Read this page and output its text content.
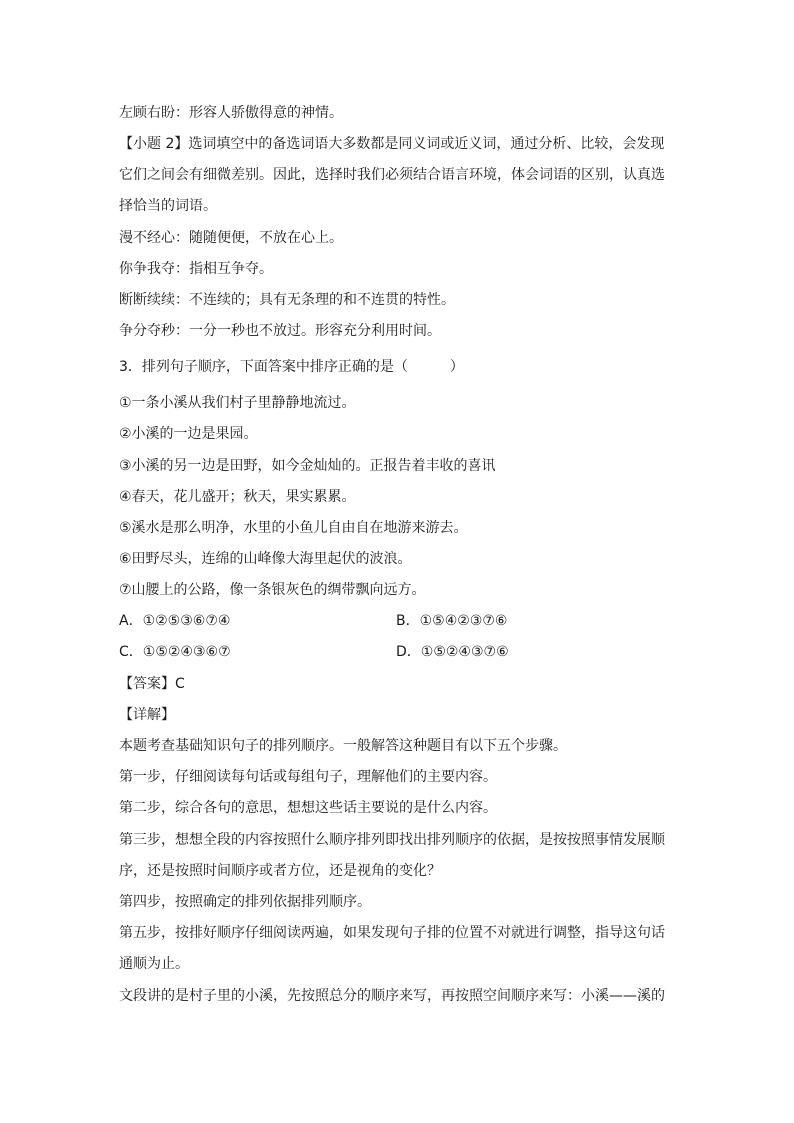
左顾右盼：形容人骄傲得意的神情。
【小题 2】选词填空中的备选词语大多数都是同义词或近义词，通过分析、比较，会发现
它们之间会有细微差别。因此，选择时我们必须结合语言环境，体会词语的区别，认真选
择恰当的词语。
漫不经心：随随便便，不放在心上。
你争我夺：指相互争夺。
断断续续：不连续的；具有无条理的和不连贯的特性。
争分夺秒：一分一秒也不放过。形容充分利用时间。
3．排列句子顺序，下面答案中排序正确的是（　　　）
①一条小溪从我们村子里静静地流过。
②小溪的一边是果园。
③小溪的另一边是田野，如今金灿灿的。正报告着丰收的喜讯
④春天，花儿盛开；秋天，果实累累。
⑤溪水是那么明净，水里的小鱼儿自由自在地游来游去。
⑥田野尽头，连绵的山峰像大海里起伏的波浪。
⑦山腰上的公路，像一条银灰色的绸带飘向远方。
A．①②⑤③⑥⑦④	B．①⑤④②③⑦⑥
C．①⑤②④③⑥⑦	D．①⑤②④③⑦⑥
【答案】C
【详解】
本题考查基础知识句子的排列顺序。一般解答这种题目有以下五个步骤。
第一步，仔细阅读每句话或每组句子，理解他们的主要内容。
第二步，综合各句的意思，想想这些话主要说的是什么内容。
第三步，想想全段的内容按照什么顺序排列即找出排列顺序的依据，是按按照事情发展顺
序，还是按照时间顺序或者方位，还是视角的变化？
第四步，按照确定的排列依据排列顺序。
第五步，按排好顺序仔细阅读两遍，如果发现句子排的位置不对就进行调整，指导这句话
通顺为止。
文段讲的是村子里的小溪，先按照总分的顺序来写，再按照空间顺序来写：小溪——溪的
